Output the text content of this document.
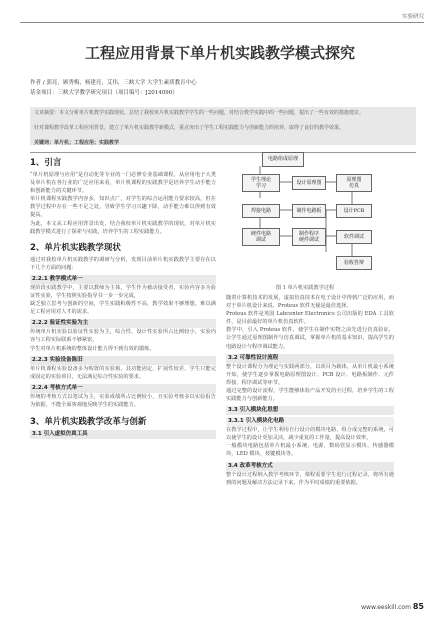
实验研究
工程应用背景下单片机实践教学模式探究
作者 / 郭亮，顾秀梅，杨建亮，艾伟，三峡大学 大学生素质教育中心
基金项目：三峡大学教学研究项目（项目编号：J2014090）
文章摘要：本文分析单片机教学实践现状，总结了我校单片机实践教学学生的一些问题，对结合教学实践中的一些问题，提出了一些有效的措施建议。
针对课程教学改革工程应用背景，建立了单片机实践教学新模式，重点突出了学生工程实践能力与创新能力的培养，取得了良好的教学效果。
关键词：单片机；工程应用；实践教学
1、引言
“单片机原理与应用”是自动化等专业的一门必修专业基础课程，从应用电子大类及单片机在各行业的广泛应用来看，单片机课程的实践教学是培养学生动手能力和创新能力的关键环节。
单片机课程实践教学内容多，知识点广，对学生的综合运用能力要求较高，但在教学过程中存在一些不足之处，导致学生学习兴趣下降，动手能力难以得到有效提高。
为此，本文从工程应用背景出发，结合我校单片机实践教学的现状，对单片机实践教学模式进行了探索与实践，培养学生的工程实践能力。
2、单片机实践教学现状
通过对我校单片机实践教学的调研与分析，发现目前单片机实践教学主要存在以下几个方面的问题：
2.2.1 教学模式单一
现阶段实践教学中，主要以教师为主体，学生作为被动接受者，实验内容多为验证性实验，学生按照实验指导书一步一步完成，
缺乏独立思考与创新的空间，学生实践积极性不高，教学效果不够理想，难以满足工程应用对人才的需求。
2.2.2 验证性实验为主
传统单片机实验以验证性实验为主，综合性、设计性实验所占比例较小，实验内容与工程实际联系不够紧密，
学生对单片机系统的整体设计能力得不到有效的锻炼。
2.2.3 实验设备陈旧
单片机课程实验设备多为购置的实验箱，其功能固定，扩展性较差，学生只能完成固定的实验项目，无法满足综合性实验的要求。
2.2.4 考核方式单一
传统的考核方式以笔试为主，实验成绩所占比例较小，且实验考核多以实验报告为依据，不能全面客观地反映学生的实践能力。
3、单片机实践教学改革与创新
3.1 引入虚拟仿真工具
电路组成原理
学生理论
学习
设计原理图
原理图
仿真
焊接电路	制作电路板	设计PCB
硬件电路
调试
制作程序
硬件调试
软件调试
验收答辩
图 1 单片机实践教学过程
随着计算机技术的发展，虚拟仿真技术在电子设计中得到广泛的应用，而对于单片机设计来说，Proteus 软件无疑是最佳选择。
Proteus 软件是英国 Labcenter Electronics 公司出版的 EDA 工具软件，是目前最好的单片机仿真软件。
教学中，引入 Proteus 软件，使学生在制作实物之前先进行仿真验证，让学生通过原理图制作与仿真调试，掌握单片机的基本知识，提高学生的电路设计与程序调试能力。
3.2 可靠性设计流程
整个设计课程分为理论与实践两部分，以项目为载体，从单片机最小系统开始，使学生逐步掌握电路原理图设计、PCB 设计、电路板制作、元件焊接、程序调试等环节。
通过完整的设计流程，学生能够体验产品开发的全过程，培养学生的工程实践能力与创新能力。
3.3 引入模块化思想
3.3.1 引入模块化电路
在教学过程中，让学生利用自行设计的模块电路，组合成完整的系统，可以使学生的设计更加灵活，减少重复的工作量，提高设计效率。
一般模块电路包括单片机最小系统、电源、数码管显示模块、传感器模块、LED 模块、按键模块等。
3.4 改革考核方式
整个设计过程纳入教学考核环节，课程需要学生进行过程记录，将所有遇到的问题及解决方法记录下来，作为平时成绩的重要依据。
www.eeskill.com 85
